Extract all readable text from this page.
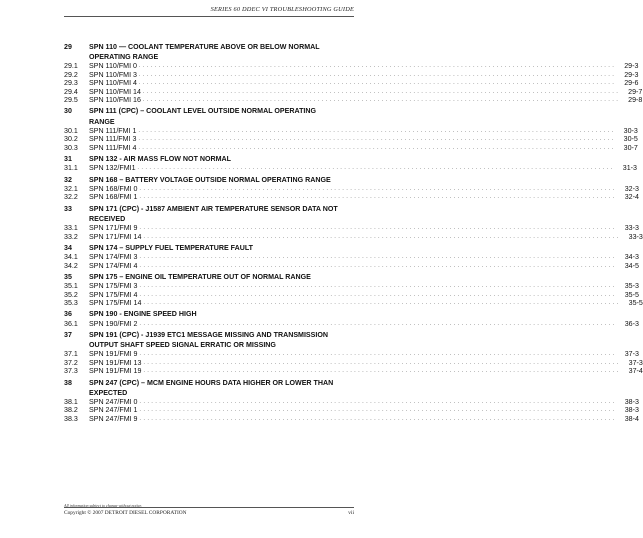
SERIES 60 DDEC VI TROUBLESHOOTING GUIDE
29	SPN 110 — COOLANT TEMPERATURE ABOVE OR BELOW NORMAL OPERATING RANGE
29.1	SPN 110/FMI 0 . . . . . . . . . . . . . . . . . . . . . . . . . . . . . . . . . . . . . . . . . . . . . . . . . . . . . . . . . . . . . . . . . . . . . . . . . . . . . . . . . . . . . . . . . . . . . . . . . . . . . . . . . . . . . . . . . . . . . . . .	29-3
29.2	SPN 110/FMI 3 . . . . . . . . . . . . . . . . . . . . . . . . . . . . . . . . . . . . . . . . . . . . . . . . . . . . . . . . . . . . . . . . . . . . . . . . . . . . . . . . . . . . . . . . . . . . . . . . . . . . . . . . . . . . . . . . . . . . . . . .	29-3
29.3	SPN 110/FMI 4 . . . . . . . . . . . . . . . . . . . . . . . . . . . . . . . . . . . . . . . . . . . . . . . . . . . . . . . . . . . . . . . . . . . . . . . . . . . . . . . . . . . . . . . . . . . . . . . . . . . . . . . . . . . . . . . . . . . . . . . .	29-6
29.4	SPN 110/FMI 14 . . . . . . . . . . . . . . . . . . . . . . . . . . . . . . . . . . . . . . . . . . . . . . . . . . . . . . . . . . . . . . . . . . . . . . . . . . . . . . . . . . . . . . . . . . . . . . . . . . . . . . . . . . . . . . . . . . . . . . . .	29-7
29.5	SPN 110/FMI 16 . . . . . . . . . . . . . . . . . . . . . . . . . . . . . . . . . . . . . . . . . . . . . . . . . . . . . . . . . . . . . . . . . . . . . . . . . . . . . . . . . . . . . . . . . . . . . . . . . . . . . . . . . . . . . . . . . . . . . . . .	29-8
30	SPN 111 (CPC) – COOLANT LEVEL OUTSIDE NORMAL OPERATING RANGE
30.1	SPN 111/FMI 1 . . . . . . . . . . . . . . . . . . . . . . . . . . . . . . . . . . . . . . . . . . . . . . . . . . . . . . . . . . . . . . . . . . . . . . . . . . . . . . . . . . . . . . . . . . . . . . . . . . . . . . . . . . . . . . . . . . . . . . . .	30-3
30.2	SPN 111/FMI 3 . . . . . . . . . . . . . . . . . . . . . . . . . . . . . . . . . . . . . . . . . . . . . . . . . . . . . . . . . . . . . . . . . . . . . . . . . . . . . . . . . . . . . . . . . . . . . . . . . . . . . . . . . . . . . . . . . . . . . . . .	30-5
30.3	SPN 111/FMI 4 . . . . . . . . . . . . . . . . . . . . . . . . . . . . . . . . . . . . . . . . . . . . . . . . . . . . . . . . . . . . . . . . . . . . . . . . . . . . . . . . . . . . . . . . . . . . . . . . . . . . . . . . . . . . . . . . . . . . . . . .	30-7
31	SPN 132 - AIR MASS FLOW NOT NORMAL
31.1	SPN 132/FMI1 . . . . . . . . . . . . . . . . . . . . . . . . . . . . . . . . . . . . . . . . . . . . . . . . . . . . . . . . . . . . . . . . . . . . . . . . . . . . . . . . . . . . . . . . . . . . . . . . . . . . . . . . . . . . . . . . . . . . . . . .	31-3
32	SPN 168 – BATTERY VOLTAGE OUTSIDE NORMAL OPERATING RANGE
32.1	SPN 168/FMI 0 . . . . . . . . . . . . . . . . . . . . . . . . . . . . . . . . . . . . . . . . . . . . . . . . . . . . . . . . . . . . . . . . . . . . . . . . . . . . . . . . . . . . . . . . . . . . . . . . . . . . . . . . . . . . . . . . . . . . . . . .	32-3
32.2	SPN 168/FMI 1 . . . . . . . . . . . . . . . . . . . . . . . . . . . . . . . . . . . . . . . . . . . . . . . . . . . . . . . . . . . . . . . . . . . . . . . . . . . . . . . . . . . . . . . . . . . . . . . . . . . . . . . . . . . . . . . . . . . . . . . .	32-4
33	SPN 171 (CPC) - J1587 AMBIENT AIR TEMPERATURE SENSOR DATA NOT RECEIVED
33.1	SPN 171/FMI 9 . . . . . . . . . . . . . . . . . . . . . . . . . . . . . . . . . . . . . . . . . . . . . . . . . . . . . . . . . . . . . . . . . . . . . . . . . . . . . . . . . . . . . . . . . . . . . . . . . . . . . . . . . . . . . . . . . . . . . . . .	33-3
33.2	SPN 171/FMI 14 . . . . . . . . . . . . . . . . . . . . . . . . . . . . . . . . . . . . . . . . . . . . . . . . . . . . . . . . . . . . . . . . . . . . . . . . . . . . . . . . . . . . . . . . . . . . . . . . . . . . . . . . . . . . . . . . . . . . . . . .	33-3
34	SPN 174 – SUPPLY FUEL TEMPERATURE FAULT
34.1	SPN 174/FMI 3 . . . . . . . . . . . . . . . . . . . . . . . . . . . . . . . . . . . . . . . . . . . . . . . . . . . . . . . . . . . . . . . . . . . . . . . . . . . . . . . . . . . . . . . . . . . . . . . . . . . . . . . . . . . . . . . . . . . . . . . .	34-3
34.2	SPN 174/FMI 4 . . . . . . . . . . . . . . . . . . . . . . . . . . . . . . . . . . . . . . . . . . . . . . . . . . . . . . . . . . . . . . . . . . . . . . . . . . . . . . . . . . . . . . . . . . . . . . . . . . . . . . . . . . . . . . . . . . . . . . . .	34-5
35	SPN 175 – ENGINE OIL TEMPERATURE OUT OF NORMAL RANGE
35.1	SPN 175/FMI 3 . . . . . . . . . . . . . . . . . . . . . . . . . . . . . . . . . . . . . . . . . . . . . . . . . . . . . . . . . . . . . . . . . . . . . . . . . . . . . . . . . . . . . . . . . . . . . . . . . . . . . . . . . . . . . . . . . . . . . . . .	35-3
35.2	SPN 175/FMI 4 . . . . . . . . . . . . . . . . . . . . . . . . . . . . . . . . . . . . . . . . . . . . . . . . . . . . . . . . . . . . . . . . . . . . . . . . . . . . . . . . . . . . . . . . . . . . . . . . . . . . . . . . . . . . . . . . . . . . . . . .	35-5
35.3	SPN 175/FMI 14 . . . . . . . . . . . . . . . . . . . . . . . . . . . . . . . . . . . . . . . . . . . . . . . . . . . . . . . . . . . . . . . . . . . . . . . . . . . . . . . . . . . . . . . . . . . . . . . . . . . . . . . . . . . . . . . . . . . . . . . .	35-5
36	SPN 190 - ENGINE SPEED HIGH
36.1	SPN 190/FMI 2 . . . . . . . . . . . . . . . . . . . . . . . . . . . . . . . . . . . . . . . . . . . . . . . . . . . . . . . . . . . . . . . . . . . . . . . . . . . . . . . . . . . . . . . . . . . . . . . . . . . . . . . . . . . . . . . . . . . . . . . .	36-3
37	SPN 191 (CPC) - J1939 ETC1 MESSAGE MISSING AND TRANSMISSION OUTPUT SHAFT SPEED SIGNAL ERRATIC OR MISSING
37.1	SPN 191/FMI 9 . . . . . . . . . . . . . . . . . . . . . . . . . . . . . . . . . . . . . . . . . . . . . . . . . . . . . . . . . . . . . . . . . . . . . . . . . . . . . . . . . . . . . . . . . . . . . . . . . . . . . . . . . . . . . . . . . . . . . . . .	37-3
37.2	SPN 191/FMI 13 . . . . . . . . . . . . . . . . . . . . . . . . . . . . . . . . . . . . . . . . . . . . . . . . . . . . . . . . . . . . . . . . . . . . . . . . . . . . . . . . . . . . . . . . . . . . . . . . . . . . . . . . . . . . . . . . . . . . . . . .	37-3
37.3	SPN 191/FMI 19 . . . . . . . . . . . . . . . . . . . . . . . . . . . . . . . . . . . . . . . . . . . . . . . . . . . . . . . . . . . . . . . . . . . . . . . . . . . . . . . . . . . . . . . . . . . . . . . . . . . . . . . . . . . . . . . . . . . . . . . .	37-4
38	SPN 247 (CPC) – MCM ENGINE HOURS DATA HIGHER OR LOWER THAN EXPECTED
38.1	SPN 247/FMI 0 . . . . . . . . . . . . . . . . . . . . . . . . . . . . . . . . . . . . . . . . . . . . . . . . . . . . . . . . . . . . . . . . . . . . . . . . . . . . . . . . . . . . . . . . . . . . . . . . . . . . . . . . . . . . . . . . . . . . . . . .	38-3
38.2	SPN 247/FMI 1 . . . . . . . . . . . . . . . . . . . . . . . . . . . . . . . . . . . . . . . . . . . . . . . . . . . . . . . . . . . . . . . . . . . . . . . . . . . . . . . . . . . . . . . . . . . . . . . . . . . . . . . . . . . . . . . . . . . . . . . .	38-3
38.3	SPN 247/FMI 9 . . . . . . . . . . . . . . . . . . . . . . . . . . . . . . . . . . . . . . . . . . . . . . . . . . . . . . . . . . . . . . . . . . . . . . . . . . . . . . . . . . . . . . . . . . . . . . . . . . . . . . . . . . . . . . . . . . . . . . . .	38-4
All information subject to change without notice.
Copyright © 2007 DETROIT DIESEL CORPORATION	vii
